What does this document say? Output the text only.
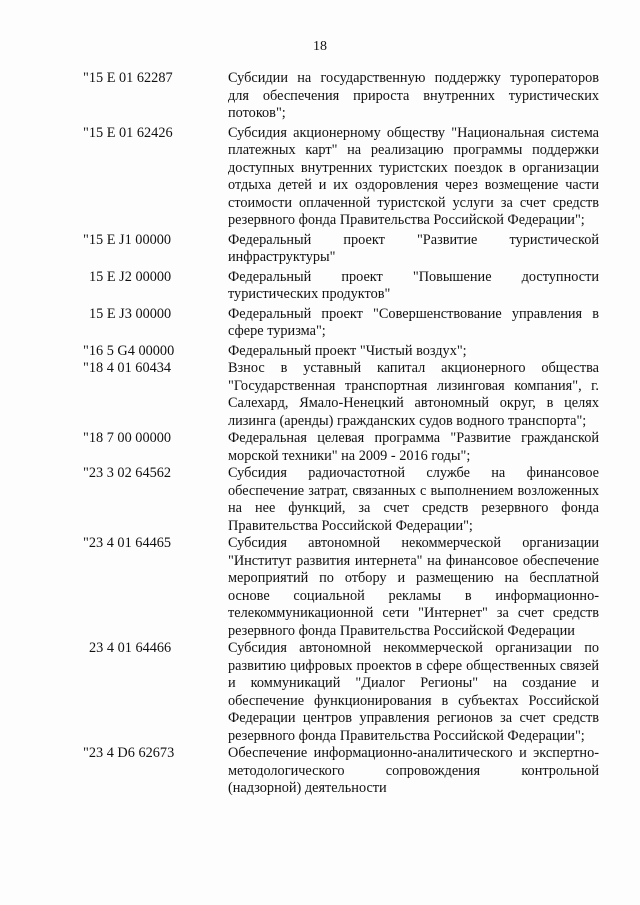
18
"15 E 01 62287	Субсидии на государственную поддержку туроператоров для обеспечения прироста внутренних туристических потоков";
"15 E 01 62426	Субсидия акционерному обществу "Национальная система платежных карт" на реализацию программы поддержки доступных внутренних туристских поездок в организации отдыха детей и их оздоровления через возмещение части стоимости оплаченной туристской услуги за счет средств резервного фонда Правительства Российской Федерации";
"15 E J1 00000	Федеральный проект "Развитие туристической инфраструктуры"
15 E J2 00000	Федеральный проект "Повышение доступности туристических продуктов"
15 E J3 00000	Федеральный проект "Совершенствование управления в сфере туризма";
"16 5 G4 00000	Федеральный проект "Чистый воздух";
"18 4 01 60434	Взнос в уставный капитал акционерного общества "Государственная транспортная лизинговая компания", г. Салехард, Ямало-Ненецкий автономный округ, в целях лизинга (аренды) гражданских судов водного транспорта";
"18 7 00 00000	Федеральная целевая программа "Развитие гражданской морской техники" на 2009 - 2016 годы";
"23 3 02 64562	Субсидия радиочастотной службе на финансовое обеспечение затрат, связанных с выполнением возложенных на нее функций, за счет средств резервного фонда Правительства Российской Федерации";
"23 4 01 64465	Субсидия автономной некоммерческой организации "Институт развития интернета" на финансовое обеспечение мероприятий по отбору и размещению на бесплатной основе социальной рекламы в информационно-телекоммуникационной сети "Интернет" за счет средств резервного фонда Правительства Российской Федерации
23 4 01 64466	Субсидия автономной некоммерческой организации по развитию цифровых проектов в сфере общественных связей и коммуникаций "Диалог Регионы" на создание и обеспечение функционирования в субъектах Российской Федерации центров управления регионов за счет средств резервного фонда Правительства Российской Федерации";
"23 4 D6 62673	Обеспечение информационно-аналитического и экспертно-методологического сопровождения контрольной (надзорной) деятельности
